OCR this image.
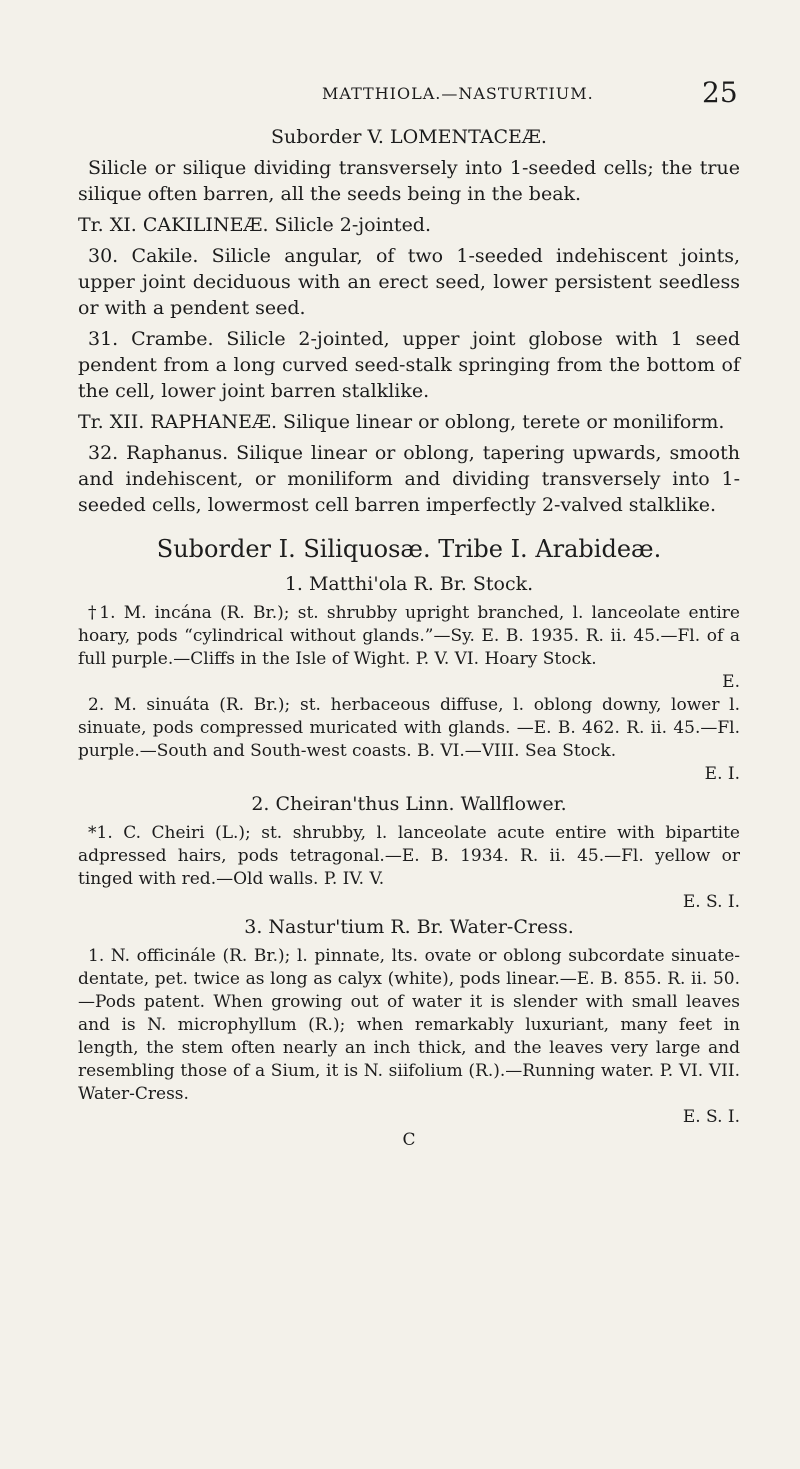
MATTHIOLA.—NASTURTIUM.	25

Suborder V. LOMENTACEÆ.

Silicle or silique dividing transversely into 1-seeded cells; the true silique often barren, all the seeds being in the beak.

Tr. XI. CAKILINEÆ. Silicle 2-jointed.

30. Cakile. Silicle angular, of two 1-seeded indehiscent joints, upper joint deciduous with an erect seed, lower persistent seedless or with a pendent seed.

31. Crambe. Silicle 2-jointed, upper joint globose with 1 seed pendent from a long curved seed-stalk springing from the bottom of the cell, lower joint barren stalklike.

Tr. XII. RAPHANEÆ. Silique linear or oblong, terete or moniliform.

32. Raphanus. Silique linear or oblong, tapering upwards, smooth and indehiscent, or moniliform and dividing transversely into 1-seeded cells, lowermost cell barren imperfectly 2-valved stalklike.

Suborder I. Siliquosæ. Tribe I. Arabideæ.

1. Matthi'ola R. Br. Stock.

†1. M. incána (R. Br.); st. shrubby upright branched, l. lanceolate entire hoary, pods “cylindrical without glands.”—Sy. E. B. 1935. R. ii. 45.—Fl. of a full purple.—Cliffs in the Isle of Wight. P. V. VI. Hoary Stock.

E.

2. M. sinuáta (R. Br.); st. herbaceous diffuse, l. oblong downy, lower l. sinuate, pods compressed muricated with glands. —E. B. 462. R. ii. 45.—Fl. purple.—South and South-west coasts. B. VI.—VIII. Sea Stock.

E. I.

2. Cheiran'thus Linn. Wallflower.

*1. C. Cheiri (L.); st. shrubby, l. lanceolate acute entire with bipartite adpressed hairs, pods tetragonal.—E. B. 1934. R. ii. 45.—Fl. yellow or tinged with red.—Old walls. P. IV. V.

E. S. I.

3. Nastur'tium R. Br. Water-Cress.

1. N. officinále (R. Br.); l. pinnate, lts. ovate or oblong subcordate sinuate-dentate, pet. twice as long as calyx (white), pods linear.—E. B. 855. R. ii. 50.—Pods patent. When growing out of water it is slender with small leaves and is N. microphyllum (R.); when remarkably luxuriant, many feet in length, the stem often nearly an inch thick, and the leaves very large and resembling those of a Sium, it is N. siifolium (R.).—Running water. P. VI. VII. Water-Cress.

E. S. I.

C
